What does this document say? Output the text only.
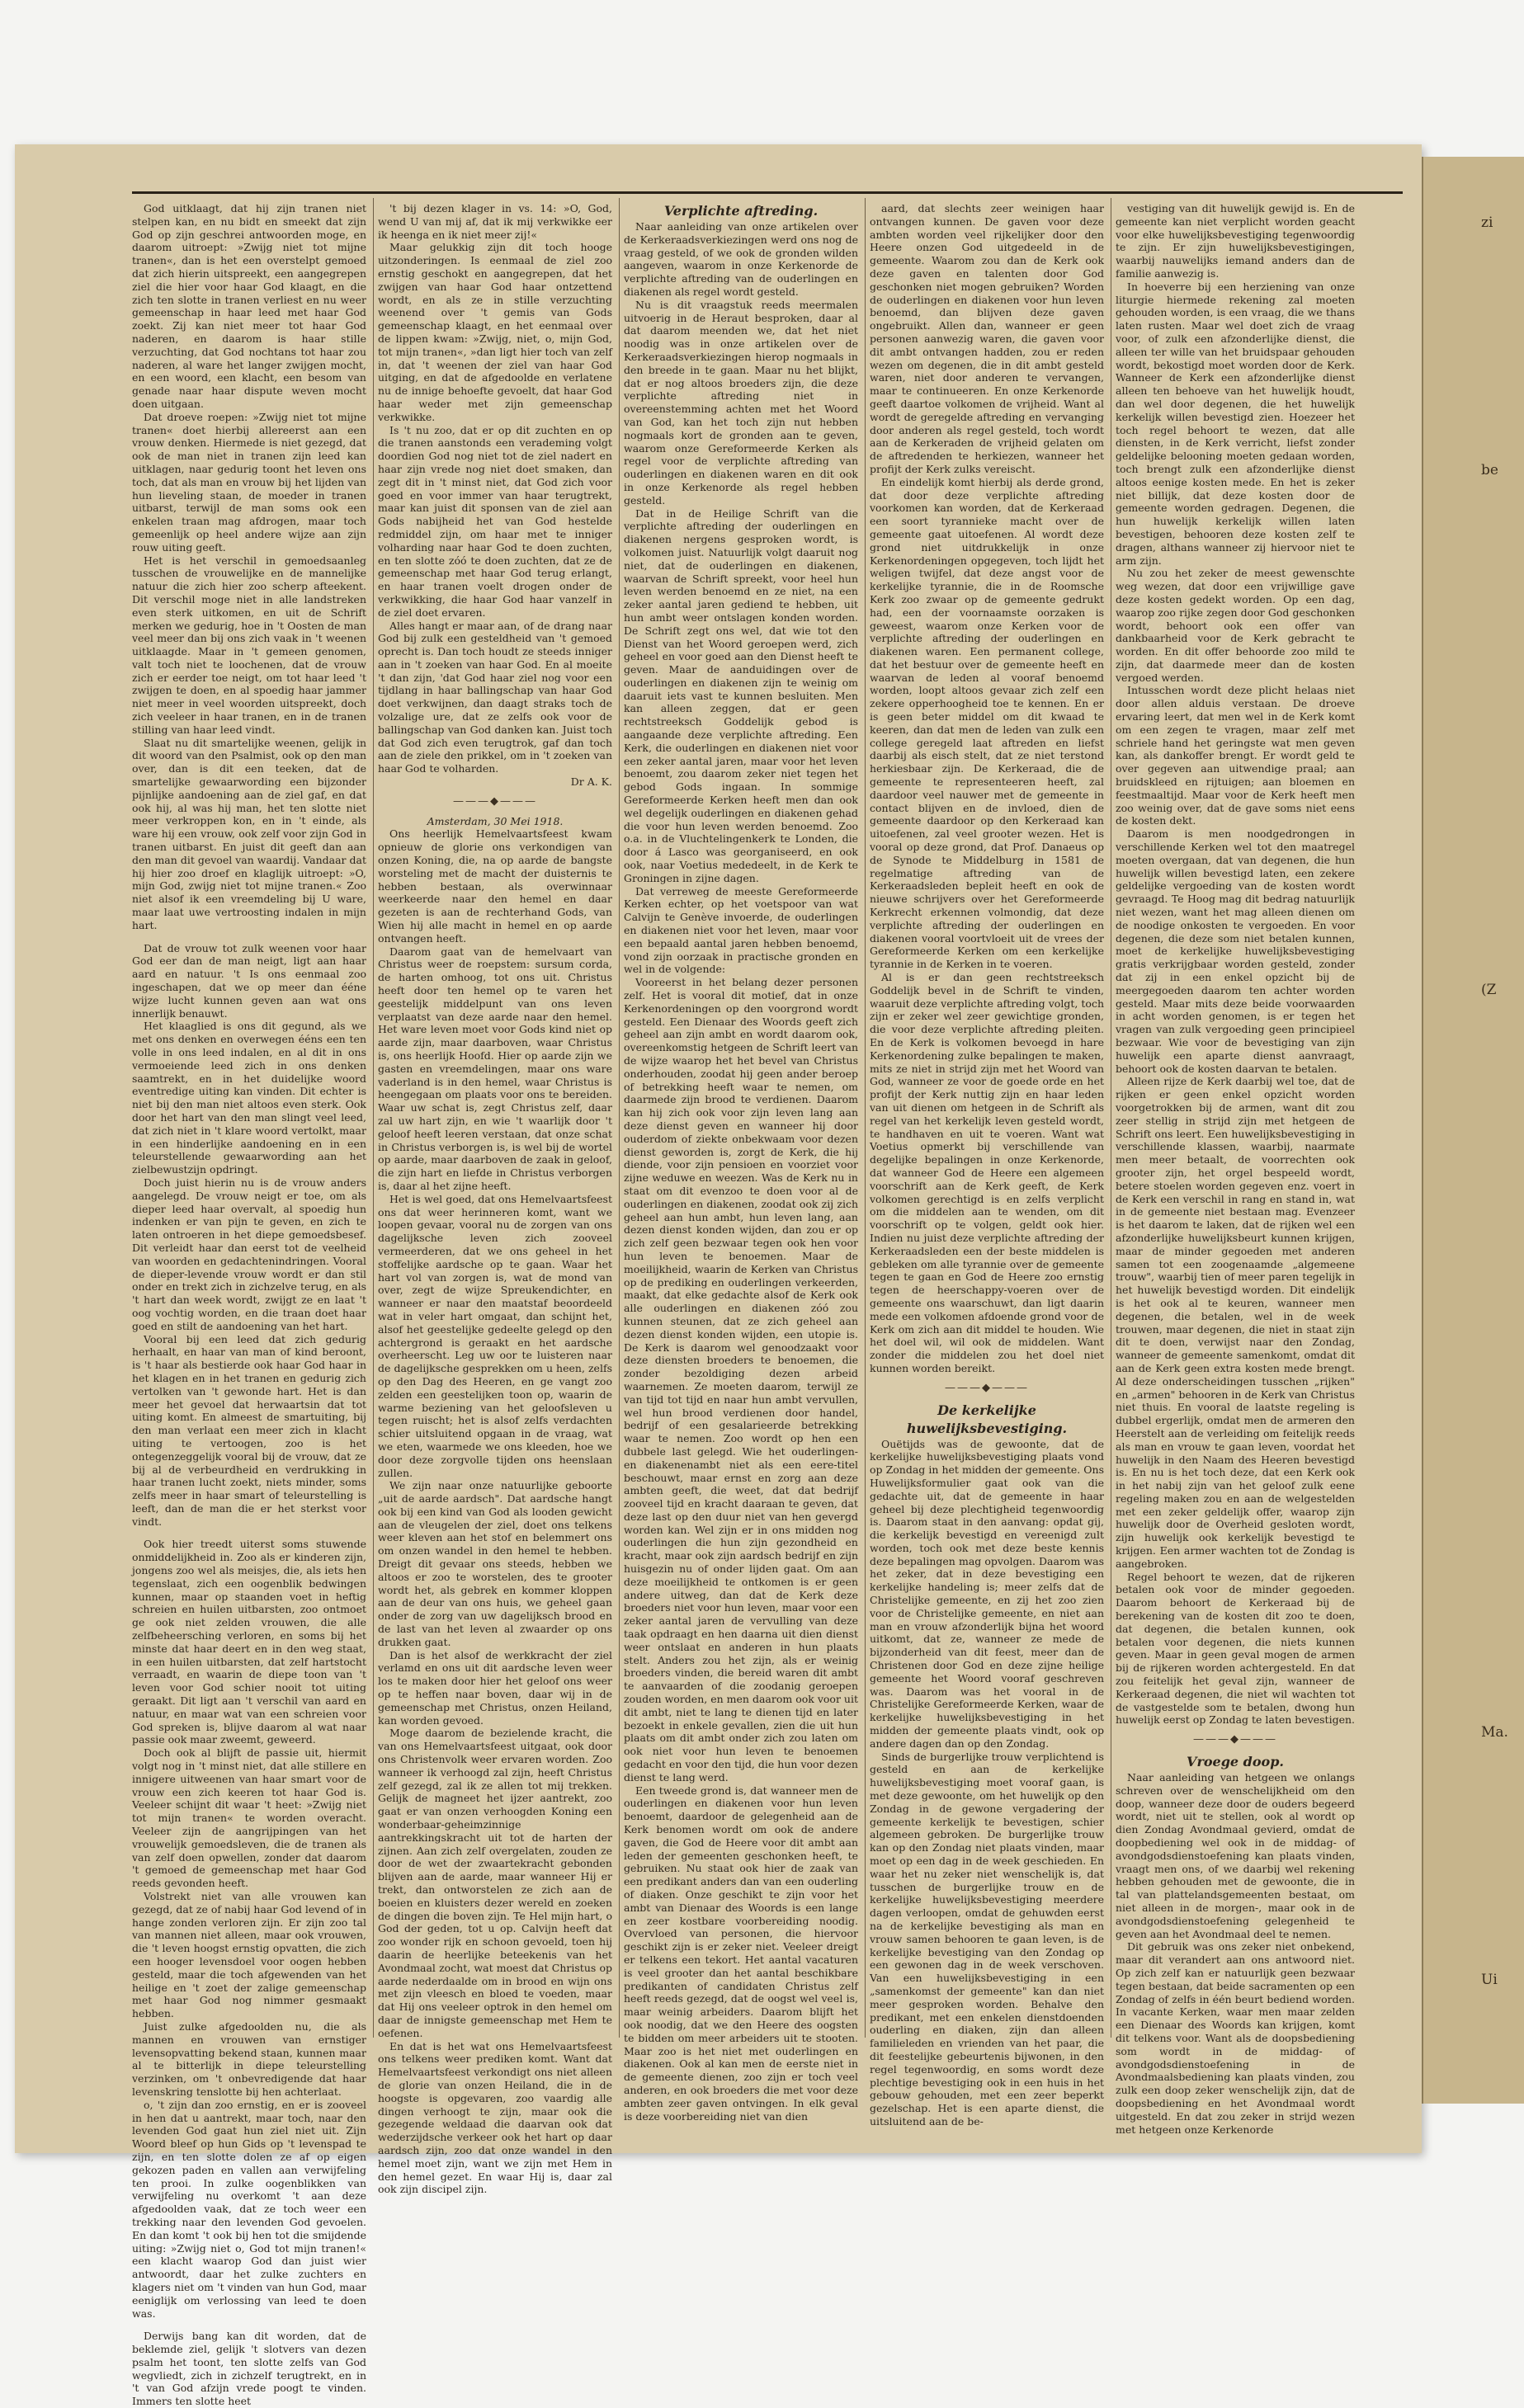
zi
be
(Z
Ma.
Ui

God uitklaagt, dat hij zijn tranen niet stelpen kan, en nu bidt en smeekt dat zijn God op zijn geschrei antwoorden moge, en daarom uitroept: »Zwijg niet tot mijne tranen«, dan is het een overstelpt gemoed dat zich hierin uitspreekt, een aangegrepen ziel die hier voor haar God klaagt, en die zich ten slotte in tranen verliest en nu weer gemeenschap in haar leed met haar God zoekt. Zij kan niet meer tot haar God naderen, en daarom is haar stille verzuchting, dat God nochtans tot haar zou naderen, al ware het langer zwijgen mocht, en een woord, een klacht, een besom van genade naar haar dispute weven mocht doen uitgaan.

Dat droeve roepen: »Zwijg niet tot mijne tranen« doet hierbij allereerst aan een vrouw denken. Hiermede is niet gezegd, dat ook de man niet in tranen zijn leed kan uitklagen, naar gedurig toont het leven ons toch, dat als man en vrouw bij het lijden van hun lieveling staan, de moeder in tranen uitbarst, terwijl de man soms ook een enkelen traan mag afdrogen, maar toch gemeenlijk op heel andere wijze aan zijn rouw uiting geeft.

Het is het verschil in gemoedsaanleg tusschen de vrouwelijke en de mannelijke natuur die zich hier zoo scherp afteekent. Dit verschil moge niet in alle landstreken even sterk uitkomen, en uit de Schrift merken we gedurig, hoe in 't Oosten de man veel meer dan bij ons zich vaak in 't weenen uitklaagde. Maar in 't gemeen genomen, valt toch niet te loochenen, dat de vrouw zich er eerder toe neigt, om tot haar leed 't zwijgen te doen, en al spoedig haar jammer niet meer in veel woorden uitspreekt, doch zich veeleer in haar tranen, en in de tranen stilling van haar leed vindt.

Slaat nu dit smartelijke weenen, gelijk in dit woord van den Psalmist, ook op den man over, dan is dit een teeken, dat de smartelijke gewaarwording een bijzonder pijnlijke aandoening aan de ziel gaf, en dat ook hij, al was hij man, het ten slotte niet meer verkroppen kon, en in 't einde, als ware hij een vrouw, ook zelf voor zijn God in tranen uitbarst. En juist dit geeft dan aan den man dit gevoel van waardij. Vandaar dat hij hier zoo droef en klaglijk uitroept: »O, mijn God, zwijg niet tot mijne tranen.« Zoo niet alsof ik een vreemdeling bij U ware, maar laat uwe vertroosting indalen in mijn hart.

Dat de vrouw tot zulk weenen voor haar God eer dan de man neigt, ligt aan haar aard en natuur. 't Is ons eenmaal zoo ingeschapen, dat we op meer dan ééne wijze lucht kunnen geven aan wat ons innerlijk benauwt.

Het klaaglied is ons dit gegund, als we met ons denken en overwegen ééns een ten volle in ons leed indalen, en al dit in ons vermoeiende leed zich in ons denken saamtrekt, en in het duidelijke woord eventredige uiting kan vinden. Dit echter is niet bij den man niet altoos even sterk. Ook door het hart van den man slingt veel leed, dat zich niet in 't klare woord vertolkt, maar in een hinderlijke aandoening en in een teleurstellende gewaarwording aan het zielbewustzijn opdringt.

Doch juist hierin nu is de vrouw anders aangelegd. De vrouw neigt er toe, om als dieper leed haar overvalt, al spoedig hun indenken er van pijn te geven, en zich te laten ontroeren in het diepe gemoedsbesef. Dit verleidt haar dan eerst tot de veelheid van woorden en gedachtenindringen. Vooral de dieper-levende vrouw wordt er dan stil onder en trekt zich in zichzelve terug, en als 't hart dan week wordt, zwijgt ze en laat 't oog vochtig worden, en die traan doet haar goed en stilt de aandoening van het hart.

Vooral bij een leed dat zich gedurig herhaalt, en haar van man of kind beroont, is 't haar als bestierde ook haar God haar in het klagen en in het tranen en gedurig zich vertolken van 't gewonde hart. Het is dan meer het gevoel dat herwaartsin dat tot uiting komt. En almeest de smartuiting, bij den man verlaat een meer zich in klacht uiting te vertoogen, zoo is het ontegenzeggelijk vooral bij de vrouw, dat ze bij al de verbeurdheid en verdrukking in haar tranen lucht zoekt, niets minder, soms zelfs meer in haar smart of teleurstelling is leeft, dan de man die er het sterkst voor vindt.

Ook hier treedt uiterst soms stuwende onmiddelijkheid in. Zoo als er kinderen zijn, jongens zoo wel als meisjes, die, als iets hen tegenslaat, zich een oogenblik bedwingen kunnen, maar op staanden voet in heftig schreien en huilen uitbarsten, zoo ontmoet ge ook niet zelden vrouwen, die alle zelfbeheersching verloren, en soms bij het minste dat haar deert en in den weg staat, in een huilen uitbarsten, dat zelf hartstocht verraadt, en waarin de diepe toon van 't leven voor God schier nooit tot uiting geraakt. Dit ligt aan 't verschil van aard en natuur, en maar wat van een schreien voor God spreken is, blijve daarom al wat naar passie ook maar zweemt, geweerd.

Doch ook al blijft de passie uit, hiermit volgt nog in 't minst niet, dat alle stillere en innigere uitweenen van haar smart voor de vrouw een zich keeren tot haar God is. Veeleer schijnt dit waar 't heet: »Zwijg niet tot mijn tranen« te worden overacht. Veeleer zijn de aangrijpingen van het vrouwelijk gemoedsleven, die de tranen als van zelf doen opwellen, zonder dat daarom 't gemoed de gemeenschap met haar God reeds gevonden heeft.

Volstrekt niet van alle vrouwen kan gezegd, dat ze of nabij haar God levend of in hange zonden verloren zijn. Er zijn zoo tal van mannen niet alleen, maar ook vrouwen, die 't leven hoogst ernstig opvatten, die zich een hooger levensdoel voor oogen hebben gesteld, maar die toch afgewenden van het heilige en 't zoet der zalige gemeenschap met haar God nog nimmer gesmaakt hebben.

Juist zulke afgedoolden nu, die als mannen en vrouwen van ernstiger levensopvatting bekend staan, kunnen maar al te bitterlijk in diepe teleurstelling verzinken, om 't onbevredigende dat haar levenskring tenslotte bij hen achterlaat.

o, 't zijn dan zoo ernstig, en er is zooveel in hen dat u aantrekt, maar toch, naar den levenden God gaat hun ziel niet uit. Zijn Woord bleef op hun Gids op 't levenspad te zijn, en ten slotte dolen ze af op eigen gekozen paden en vallen aan verwijfeling ten prooi. In zulke oogenblikken van verwijfeling nu overkomt 't aan deze afgedoolden vaak, dat ze toch weer een trekking naar den levenden God gevoelen. En dan komt 't ook bij hen tot die smijdende uiting: »Zwijg niet o, God tot mijn tranen!« een klacht waarop God dan juist wier antwoordt, daar het zulke zuchters en klagers niet om 't vinden van hun God, maar eeniglijk om verlossing van leed te doen was.

Derwijs bang kan dit worden, dat de beklemde ziel, gelijk 't slotvers van dezen psalm het toont, ten slotte zelfs van God wegvliedt, zich in zichzelf terugtrekt, en in 't van God afzijn vrede poogt te vinden. Immers ten slotte heet

't bij dezen klager in vs. 14: »O, God, wend U van mij af, dat ik mij verkwikke eer ik heenga en ik niet meer zij!«

Maar gelukkig zijn dit toch hooge uitzonderingen. Is eenmaal de ziel zoo ernstig geschokt en aangegrepen, dat het zwijgen van haar God haar ontzettend wordt, en als ze in stille verzuchting weenend over 't gemis van Gods gemeenschap klaagt, en het eenmaal over de lippen kwam: »Zwijg, niet, o, mijn God, tot mijn tranen«, »dan ligt hier toch van zelf in, dat 't weenen der ziel van haar God uitging, en dat de afgedoolde en verlatene nu de innige behoefte gevoelt, dat haar God haar weder met zijn gemeenschap verkwikke.

Is 't nu zoo, dat er op dit zuchten en op die tranen aanstonds een verademing volgt doordien God nog niet tot de ziel nadert en haar zijn vrede nog niet doet smaken, dan zegt dit in 't minst niet, dat God zich voor goed en voor immer van haar terugtrekt, maar kan juist dit sponsen van de ziel aan Gods nabijheid het van God hestelde redmiddel zijn, om haar met te inniger volharding naar haar God te doen zuchten, en ten slotte zóó te doen zuchten, dat ze de gemeenschap met haar God terug erlangt, en haar tranen voelt drogen onder de verkwikking, die haar God haar vanzelf in de ziel doet ervaren.

Alles hangt er maar aan, of de drang naar God bij zulk een gesteldheid van 't gemoed oprecht is. Dan toch houdt ze steeds inniger aan in 't zoeken van haar God. En al moeite 't dan zijn, 'dat God haar ziel nog voor een tijdlang in haar ballingschap van haar God doet verkwijnen, dan daagt straks toch de volzalige ure, dat ze zelfs ook voor de ballingschap van God danken kan. Juist toch dat God zich even terugtrok, gaf dan toch aan de ziele den prikkel, om in 't zoeken van haar God te volharden.

Dr A. K.

———◆———

Amsterdam, 30 Mei 1918.

Ons heerlijk Hemelvaartsfeest kwam opnieuw de glorie ons verkondigen van onzen Koning, die, na op aarde de bangste worsteling met de macht der duisternis te hebben bestaan, als overwinnaar weerkeerde naar den hemel en daar gezeten is aan de rechterhand Gods, van Wien hij alle macht in hemel en op aarde ontvangen heeft.

Daarom gaat van de hemelvaart van Christus weer de roepstem: sursum corda, de harten omhoog, tot ons uit. Christus heeft door ten hemel op te varen het geestelijk middelpunt van ons leven verplaatst van deze aarde naar den hemel. Het ware leven moet voor Gods kind niet op aarde zijn, maar daarboven, waar Christus is, ons heerlijk Hoofd. Hier op aarde zijn we gasten en vreemdelingen, maar ons ware vaderland is in den hemel, waar Christus is heengegaan om plaats voor ons te bereiden. Waar uw schat is, zegt Christus zelf, daar zal uw hart zijn, en wie 't waarlijk door 't geloof heeft leeren verstaan, dat onze schat in Christus verborgen is, is wel bij de wortel op aarde, maar daarboven de zaak in geloof, die zijn hart en liefde in Christus verborgen is, daar al het zijne heeft.

Het is wel goed, dat ons Hemelvaartsfeest ons dat weer herinneren komt, want we loopen gevaar, vooral nu de zorgen van ons dagelijksche leven zich zooveel vermeerderen, dat we ons geheel in het stoffelijke aardsche op te gaan. Waar het hart vol van zorgen is, wat de mond van over, zegt de wijze Spreukendichter, en wanneer er naar den maatstaf beoordeeld wat in veler hart omgaat, dan schijnt het, alsof het geestelijke gedeelte gelegd op den achtergrond is geraakt en het aardsche overheerscht. Leg uw oor te luisteren naar de dagelijksche gesprekken om u heen, zelfs op den Dag des Heeren, en ge vangt zoo zelden een geestelijken toon op, waarin de warme beziening van het geloofsleven u tegen ruischt; het is alsof zelfs verdachten schier uitsluitend opgaan in de vraag, wat we eten, waarmede we ons kleeden, hoe we door deze zorgvolle tijden ons heenslaan zullen.

We zijn naar onze natuurlijke geboorte „uit de aarde aardsch". Dat aardsche hangt ook bij een kind van God als looden gewicht aan de vleugelen der ziel, doet ons telkens weer kleven aan het stof en belemmert ons om onzen wandel in den hemel te hebben. Dreigt dit gevaar ons steeds, hebben we altoos er zoo te worstelen, des te grooter wordt het, als gebrek en kommer kloppen aan de deur van ons huis, we geheel gaan onder de zorg van uw dagelijksch brood en de last van het leven al zwaarder op ons drukken gaat.

Dan is het alsof de werkkracht der ziel verlamd en ons uit dit aardsche leven weer los te maken door hier het geloof ons weer op te heffen naar boven, daar wij in de gemeenschap met Christus, onzen Heiland, kan worden gevoed.

Moge daarom de bezielende kracht, die van ons Hemelvaartsfeest uitgaat, ook door ons Christenvolk weer ervaren worden. Zoo wanneer ik verhoogd zal zijn, heeft Christus zelf gezegd, zal ik ze allen tot mij trekken. Gelijk de magneet het ijzer aantrekt, zoo gaat er van onzen verhoogden Koning een wonderbaar-geheimzinnige aantrekkingskracht uit tot de harten der zijnen. Aan zich zelf overgelaten, zouden ze door de wet der zwaartekracht gebonden blijven aan de aarde, maar wanneer Hij er trekt, dan ontworstelen ze zich aan de boeien en kluisters dezer wereld en zoeken de dingen die boven zijn. Te Hel mijn hart, o God der geden, tot u op. Calvijn heeft dat zoo wonder rijk en schoon gevoeld, toen hij daarin de heerlijke beteekenis van het Avondmaal zocht, wat moest dat Christus op aarde nederdaalde om in brood en wijn ons met zijn vleesch en bloed te voeden, maar dat Hij ons veeleer optrok in den hemel om daar de innigste gemeenschap met Hem te oefenen.

En dat is het wat ons Hemelvaartsfeest ons telkens weer prediken komt. Want dat Hemelvaartsfeest verkondigt ons niet alleen de glorie van onzen Heiland, die in de hoogste is opgevaren, zoo vaardig alle dingen verhoogt te zijn, maar ook die gezegende weldaad die daarvan ook dat wederzijdsche verkeer ook het hart op daar aardsch zijn, zoo dat onze wandel in den hemel moet zijn, want we zijn met Hem in den hemel gezet. En waar Hij is, daar zal ook zijn discipel zijn.

Verplichte aftreding.

Naar aanleiding van onze artikelen over de Kerkeraadsverkiezingen werd ons nog de vraag gesteld, of we ook de gronden wilden aangeven, waarom in onze Kerkenorde de verplichte aftreding van de ouderlingen en diakenen als regel wordt gesteld.

Nu is dit vraagstuk reeds meermalen uitvoerig in de Heraut besproken, daar al dat daarom meenden we, dat het niet noodig was in onze artikelen over de Kerkeraadsverkiezingen hierop nogmaals in den breede in te gaan. Maar nu het blijkt, dat er nog altoos broeders zijn, die deze verplichte aftreding niet in overeenstemming achten met het Woord van God, kan het toch zijn nut hebben nogmaals kort de gronden aan te geven, waarom onze Gereformeerde Kerken als regel voor de verplichte aftreding van ouderlingen en diakenen waren en dit ook in onze Kerkenorde als regel hebben gesteld.

Dat in de Heilige Schrift van die verplichte aftreding der ouderlingen en diakenen nergens gesproken wordt, is volkomen juist. Natuurlijk volgt daaruit nog niet, dat de ouderlingen en diakenen, waarvan de Schrift spreekt, voor heel hun leven werden benoemd en ze niet, na een zeker aantal jaren gediend te hebben, uit hun ambt weer ontslagen konden worden. De Schrift zegt ons wel, dat wie tot den Dienst van het Woord geroepen werd, zich geheel en voor goed aan den Dienst heeft te geven. Maar de aanduidingen over de ouderlingen en diakenen zijn te weinig om daaruit iets vast te kunnen besluiten. Men kan alleen zeggen, dat er geen rechtstreeksch Goddelijk gebod is aangaande deze verplichte aftreding. Een Kerk, die ouderlingen en diakenen niet voor een zeker aantal jaren, maar voor het leven benoemt, zou daarom zeker niet tegen het gebod Gods ingaan. In sommige Gereformeerde Kerken heeft men dan ook wel degelijk ouderlingen en diakenen gehad die voor hun leven werden benoemd. Zoo o.a. in de Vluchtelingenkerk te Londen, die door á Lasco was georganiseerd, en ook ook, naar Voetius mededeelt, in de Kerk te Groningen in zijne dagen.

Dat verreweg de meeste Gereformeerde Kerken echter, op het voetspoor van wat Calvijn te Genève invoerde, de ouderlingen en diakenen niet voor het leven, maar voor een bepaald aantal jaren hebben benoemd, vond zijn oorzaak in practische gronden en wel in de volgende:

Vooreerst in het belang dezer personen zelf. Het is vooral dit motief, dat in onze Kerkenordeningen op den voorgrond wordt gesteld. Een Dienaar des Woords geeft zich geheel aan zijn ambt en wordt daarom ook, overeenkomstig hetgeen de Schrift leert van de wijze waarop het het bevel van Christus onderhouden, zoodat hij geen ander beroep of betrekking heeft waar te nemen, om daarmede zijn brood te verdienen. Daarom kan hij zich ook voor zijn leven lang aan deze dienst geven en wanneer hij door ouderdom of ziekte onbekwaam voor dezen dienst geworden is, zorgt de Kerk, die hij diende, voor zijn pensioen en voorziet voor zijne weduwe en weezen. Was de Kerk nu in staat om dit evenzoo te doen voor al de ouderlingen en diakenen, zoodat ook zij zich geheel aan hun ambt, hun leven lang, aan dezen dienst konden wijden, dan zou er op zich zelf geen bezwaar tegen ook hen voor hun leven te benoemen. Maar de moeilijkheid, waarin de Kerken van Christus op de prediking en ouderlingen verkeerden, maakt, dat elke gedachte alsof de Kerk ook alle ouderlingen en diakenen zóó zou kunnen steunen, dat ze zich geheel aan dezen dienst konden wijden, een utopie is. De Kerk is daarom wel genoodzaakt voor deze diensten broeders te benoemen, die zonder bezoldiging dezen arbeid waarnemen. Ze moeten daarom, terwijl ze van tijd tot tijd en naar hun ambt vervullen, wel hun brood verdienen door handel, bedrijf of een gesalarieerde betrekking waar te nemen. Zoo wordt op hen een dubbele last gelegd. Wie het ouderlingen- en diakenenambt niet als een eere-titel beschouwt, maar ernst en zorg aan deze ambten geeft, die weet, dat dat bedrijf zooveel tijd en kracht daaraan te geven, dat deze last op den duur niet van hen gevergd worden kan. Wel zijn er in ons midden nog ouderlingen die hun zijn gezondheid en kracht, maar ook zijn aardsch bedrijf en zijn huisgezin nu of onder lijden gaat. Om aan deze moeilijkheid te ontkomen is er geen andere uitweg, dan dat de Kerk deze broeders niet voor hun leven, maar voor een zeker aantal jaren de vervulling van deze taak opdraagt en hen daarna uit dien dienst weer ontslaat en anderen in hun plaats stelt. Anders zou het zijn, als er weinig broeders vinden, die bereid waren dit ambt te aanvaarden of die zoodanig geroepen zouden worden, en men daarom ook voor uit dit ambt, niet te lang te dienen tijd en later bezoekt in enkele gevallen, zien die uit hun plaats om dit ambt onder zich zou laten om ook niet voor hun leven te benoemen gedacht en voor den tijd, die hun voor dezen dienst te lang werd.

Een tweede grond is, dat wanneer men de ouderlingen en diakenen voor hun leven benoemt, daardoor de gelegenheid aan de Kerk benomen wordt om ook de andere gaven, die God de Heere voor dit ambt aan leden der gemeenten geschonken heeft, te gebruiken. Nu staat ook hier de zaak van een predikant anders dan van een ouderling of diaken. Onze geschikt te zijn voor het ambt van Dienaar des Woords is een lange en zeer kostbare voorbereiding noodig. Overvloed van personen, die hiervoor geschikt zijn is er zeker niet. Veeleer dreigt er telkens een tekort. Het aantal vacaturen is veel grooter dan het aantal beschikbare predikanten of candidaten Christus zelf heeft reeds gezegd, dat de oogst wel veel is, maar weinig arbeiders. Daarom blijft het ook noodig, dat we den Heere des oogsten te bidden om meer arbeiders uit te stooten. Maar zoo is het niet met ouderlingen en diakenen. Ook al kan men de eerste niet in de gemeente dienen, zoo zijn er toch veel anderen, en ook broeders die met voor deze ambten zeer gaven ontvingen. In elk geval is deze voorbereiding niet van dien

aard, dat slechts zeer weinigen haar ontvangen kunnen. De gaven voor deze ambten worden veel rijkelijker door den Heere onzen God uitgedeeld in de gemeente. Waarom zou dan de Kerk ook deze gaven en talenten door God geschonken niet mogen gebruiken? Worden de ouderlingen en diakenen voor hun leven benoemd, dan blijven deze gaven ongebruikt. Allen dan, wanneer er geen personen aanwezig waren, die gaven voor dit ambt ontvangen hadden, zou er reden wezen om degenen, die in dit ambt gesteld waren, niet door anderen te vervangen, maar te continueeren. En onze Kerkenorde geeft daartoe volkomen de vrijheid. Want al wordt de geregelde aftreding en vervanging door anderen als regel gesteld, toch wordt aan de Kerkeraden de vrijheid gelaten om de aftredenden te herkiezen, wanneer het profijt der Kerk zulks vereischt.

En eindelijk komt hierbij als derde grond, dat door deze verplichte aftreding voorkomen kan worden, dat de Kerkeraad een soort tyrannieke macht over de gemeente gaat uitoefenen. Al wordt deze grond niet uitdrukkelijk in onze Kerkenordeningen opgegeven, toch lijdt het weligen twijfel, dat deze angst voor de kerkelijke tyrannie, die in de Roomsche Kerk zoo zwaar op de gemeente gedrukt had, een der voornaamste oorzaken is geweest, waarom onze Kerken voor de verplichte aftreding der ouderlingen en diakenen waren. Een permanent college, dat het bestuur over de gemeente heeft en waarvan de leden al vooraf benoemd worden, loopt altoos gevaar zich zelf een zekere opperhoogheid toe te kennen. En er is geen beter middel om dit kwaad te keeren, dan dat men de leden van zulk een college geregeld laat aftreden en liefst daarbij als eisch stelt, dat ze niet terstond herkiesbaar zijn. De Kerkeraad, die de gemeente te representeeren heeft, zal daardoor veel nauwer met de gemeente in contact blijven en de invloed, dien de gemeente daardoor op den Kerkeraad kan uitoefenen, zal veel grooter wezen. Het is vooral op deze grond, dat Prof. Danaeus op de Synode te Middelburg in 1581 de regelmatige aftreding van de Kerkeraadsleden bepleit heeft en ook de nieuwe schrijvers over het Gereformeerde Kerkrecht erkennen volmondig, dat deze verplichte aftreding der ouderlingen en diakenen vooral voortvloeit uit de vrees der Gereformeerde Kerken om een kerkelijke tyrannie in de Kerken in te voeren.

Al is er dan geen rechtstreeksch Goddelijk bevel in de Schrift te vinden, waaruit deze verplichte aftreding volgt, toch zijn er zeker wel zeer gewichtige gronden, die voor deze verplichte aftreding pleiten. En de Kerk is volkomen bevoegd in hare Kerkenordening zulke bepalingen te maken, mits ze niet in strijd zijn met het Woord van God, wanneer ze voor de goede orde en het profijt der Kerk nuttig zijn en haar leden van uit dienen om hetgeen in de Schrift als regel van het kerkelijk leven gesteld wordt, te handhaven en uit te voeren. Want wat Voetius opmerkt bij verschillende van degelijke bepalingen in onze Kerkenorde, dat wanneer God de Heere een algemeen voorschrift aan de Kerk geeft, de Kerk volkomen gerechtigd is en zelfs verplicht om die middelen aan te wenden, om dit voorschrift op te volgen, geldt ook hier. Indien nu juist deze verplichte aftreding der Kerkeraadsleden een der beste middelen is gebleken om alle tyrannie over de gemeente tegen te gaan en God de Heere zoo ernstig tegen de heerschappy-voeren over de gemeente ons waarschuwt, dan ligt daarin mede een volkomen afdoende grond voor de Kerk om zich aan dit middel te houden. Wie het doel wil, wil ook de middelen. Want zonder die middelen zou het doel niet kunnen worden bereikt.

———◆———

De kerkelijke huwelijksbevestiging.

Ouëtijds was de gewoonte, dat de kerkelijke huwelijksbevestiging plaats vond op Zondag in het midden der gemeente. Ons Huwelijksformulier gaat ook van die gedachte uit, dat de gemeente in haar geheel bij deze plechtigheid tegenwoordig is. Daarom staat in den aanvang: opdat gij, die kerkelijk bevestigd en vereenigd zult worden, toch ook met deze beste kennis deze bepalingen mag opvolgen. Daarom was het zeker, dat in deze bevestiging een kerkelijke handeling is; meer zelfs dat de Christelijke gemeente, en zij het zoo zien voor de Christelijke gemeente, en niet aan man en vrouw afzonderlijk bijna het woord uitkomt, dat ze, wanneer ze mede de bijzonderheid van dit feest, meer dan de Christenen door God en deze zijne heilige gemeente het Woord vooraf geschreven was. Daarom was het vooral in de Christelijke Gereformeerde Kerken, waar de kerkelijke huwelijksbevestiging in het midden der gemeente plaats vindt, ook op andere dagen dan op den Zondag.

Sinds de burgerlijke trouw verplichtend is gesteld en aan de kerkelijke huwelijksbevestiging moet vooraf gaan, is met deze gewoonte, om het huwelijk op den Zondag in de gewone vergadering der gemeente kerkelijk te bevestigen, schier algemeen gebroken. De burgerlijke trouw kan op den Zondag niet plaats vinden, maar moet op een dag in de week geschieden. En waar het nu zeker niet wenschelijk is, dat tusschen de burgerlijke trouw en de kerkelijke huwelijksbevestiging meerdere dagen verloopen, omdat de gehuwden eerst na de kerkelijke bevestiging als man en vrouw samen behooren te gaan leven, is de kerkelijke bevestiging van den Zondag op een gewonen dag in de week verschoven. Van een huwelijksbevestiging in een „samenkomst der gemeente" kan dan niet meer gesproken worden. Behalve den predikant, met een enkelen dienstdoenden ouderling en diaken, zijn dan alleen familieleden en vrienden van het paar, die dit feestelijke gebeurtenis bijwonen, in den regel tegenwoordig, en soms wordt deze plechtige bevestiging ook in een huis in het gebouw gehouden, met een zeer beperkt gezelschap. Het is een aparte dienst, die uitsluitend aan de be-

vestiging van dit huwelijk gewijd is. En de gemeente kan niet verplicht worden geacht voor elke huwelijksbevestiging tegenwoordig te zijn. Er zijn huwelijksbevestigingen, waarbij nauwelijks iemand anders dan de familie aanwezig is.

In hoeverre bij een herziening van onze liturgie hiermede rekening zal moeten gehouden worden, is een vraag, die we thans laten rusten. Maar wel doet zich de vraag voor, of zulk een afzonderlijke dienst, die alleen ter wille van het bruidspaar gehouden wordt, bekostigd moet worden door de Kerk. Wanneer de Kerk een afzonderlijke dienst alleen ten behoeve van het huwelijk houdt, dan wel door degenen, die het huwelijk kerkelijk willen bevestigd zien. Hoezeer het toch regel behoort te wezen, dat alle diensten, in de Kerk verricht, liefst zonder geldelijke belooning moeten gedaan worden, toch brengt zulk een afzonderlijke dienst altoos eenige kosten mede. En het is zeker niet billijk, dat deze kosten door de gemeente worden gedragen. Degenen, die hun huwelijk kerkelijk willen laten bevestigen, behooren deze kosten zelf te dragen, althans wanneer zij hiervoor niet te arm zijn.

Nu zou het zeker de meest gewenschte weg wezen, dat door een vrijwillige gave deze kosten gedekt worden. Op een dag, waarop zoo rijke zegen door God geschonken wordt, behoort ook een offer van dankbaarheid voor de Kerk gebracht te worden. En dit offer behoorde zoo mild te zijn, dat daarmede meer dan de kosten vergoed werden.

Intusschen wordt deze plicht helaas niet door allen alduis verstaan. De droeve ervaring leert, dat men wel in de Kerk komt om een zegen te vragen, maar zelf met schriele hand het geringste wat men geven kan, als dankoffer brengt. Er wordt geld te over gegeven aan uitwendige praal; aan bruidskleed en rijtuigen; aan bloemen en feestmaaltijd. Maar voor de Kerk heeft men zoo weinig over, dat de gave soms niet eens de kosten dekt.

Daarom is men noodgedrongen in verschillende Kerken wel tot den maatregel moeten overgaan, dat van degenen, die hun huwelijk willen bevestigd laten, een zekere geldelijke vergoeding van de kosten wordt gevraagd. Te Hoog mag dit bedrag natuurlijk niet wezen, want het mag alleen dienen om de noodige onkosten te vergoeden. En voor degenen, die deze som niet betalen kunnen, moet de kerkelijke huwelijksbevestiging gratis verkrijgbaar worden gesteld, zonder dat zij in een enkel opzicht bij de meergegoeden daarom ten achter worden gesteld. Maar mits deze beide voorwaarden in acht worden genomen, is er tegen het vragen van zulk vergoeding geen principieel bezwaar. Wie voor de bevestiging van zijn huwelijk een aparte dienst aanvraagt, behoort ook de kosten daarvan te betalen.

Alleen rijze de Kerk daarbij wel toe, dat de rijken er geen enkel opzicht worden voorgetrokken bij de armen, want dit zou zeer stellig in strijd zijn met hetgeen de Schrift ons leert. Een huwelijksbevestiging in verschillende klassen, waarbij, naarmate men meer betaalt, de voorrechten ook grooter zijn, het orgel bespeeld wordt, betere stoelen worden gegeven enz. voert in de Kerk een verschil in rang en stand in, wat in de gemeente niet bestaan mag. Evenzeer is het daarom te laken, dat de rijken wel een afzonderlijke huwelijksbeurt kunnen krijgen, maar de minder gegoeden met anderen samen tot een zoogenaamde „algemeene trouw", waarbij tien of meer paren tegelijk in het huwelijk bevestigd worden. Dit eindelijk is het ook al te keuren, wanneer men degenen, die betalen, wel in de week trouwen, maar degenen, die niet in staat zijn dit te doen, verwijst naar den Zondag, wanneer de gemeente samenkomt, omdat dit aan de Kerk geen extra kosten mede brengt. Al deze onderscheidingen tusschen „rijken" en „armen" behooren in de Kerk van Christus niet thuis. En vooral de laatste regeling is dubbel ergerlijk, omdat men de armeren den Heerstelt aan de verleiding om feitelijk reeds als man en vrouw te gaan leven, voordat het huwelijk in den Naam des Heeren bevestigd is. En nu is het toch deze, dat een Kerk ook in het nabij zijn van het geloof zulk eene regeling maken zou en aan de welgestelden met een zeker geldelijk offer, waarop zijn huwelijk door de Overheid gesloten wordt, zijn huwelijk ook kerkelijk bevestigd te krijgen. Een armer wachten tot de Zondag is aangebroken.

Regel behoort te wezen, dat de rijkeren betalen ook voor de minder gegoeden. Daarom behoort de Kerkeraad bij de berekening van de kosten dit zoo te doen, dat degenen, die betalen kunnen, ook betalen voor degenen, die niets kunnen geven. Maar in geen geval mogen de armen bij de rijkeren worden achtergesteld. En dat zou feitelijk het geval zijn, wanneer de Kerkeraad degenen, die niet wil wachten tot de vastgestelde som te betalen, dwong hun huwelijk eerst op Zondag te laten bevestigen.

———◆———

Vroege doop.

Naar aanleiding van hetgeen we onlangs schreven over de wenschelijkheid om den doop, wanneer deze door de ouders begeerd wordt, niet uit te stellen, ook al wordt op dien Zondag Avondmaal gevierd, omdat de doopbediening wel ook in de middag- of avondgodsdienstoefening kan plaats vinden, vraagt men ons, of we daarbij wel rekening hebben gehouden met de gewoonte, die in tal van plattelandsgemeenten bestaat, om niet alleen in de morgen-, maar ook in de avondgodsdienstoefening gelegenheid te geven aan het Avondmaal deel te nemen.

Dit gebruik was ons zeker niet onbekend, maar dit verandert aan ons antwoord niet. Op zich zelf kan er natuurlijk geen bezwaar tegen bestaan, dat beide sacramenten op een Zondag of zelfs in één beurt bediend worden. In vacante Kerken, waar men maar zelden een Dienaar des Woords kan krijgen, komt dit telkens voor. Want als de doopsbediening som wordt in de middag- of avondgodsdienstoefening in de Avondmaalsbediening kan plaats vinden, zou zulk een doop zeker wenschelijk zijn, dat de doopsbediening en het Avondmaal wordt uitgesteld. En dat zou zeker in strijd wezen met hetgeen onze Kerkenorde
